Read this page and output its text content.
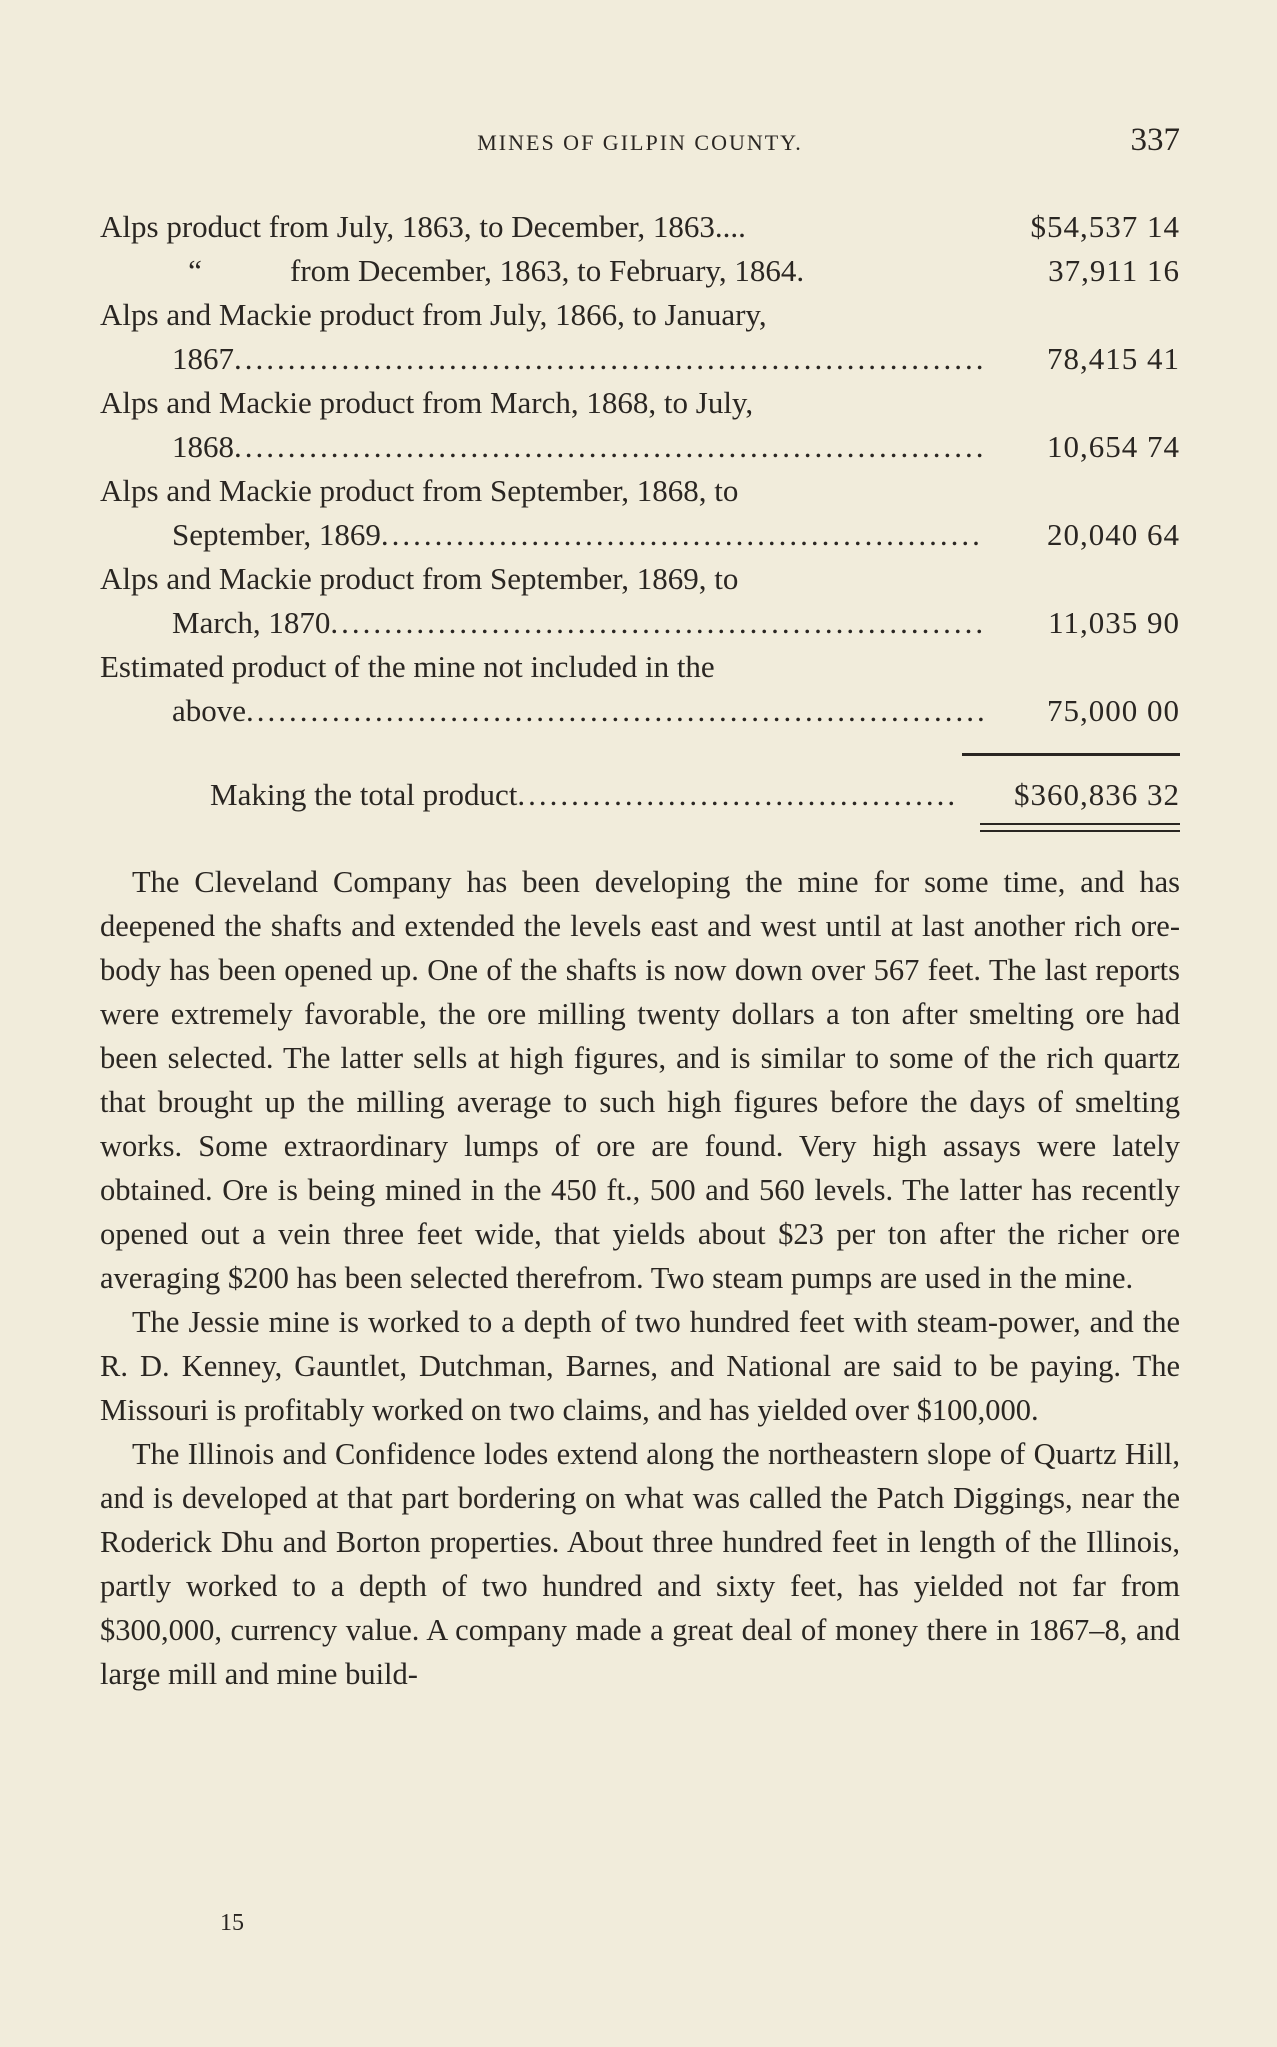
MINES OF GILPIN COUNTY.	337
Alps product from July, 1863, to December, 1863....	$54,537 14
“	from December, 1863, to February, 1864.	37,911 16
Alps and Mackie product from July, 1866, to January,
1867...................................................................... 78,415 41
Alps and Mackie product from March, 1868, to July,
1868...................................................................... 10,654 74
Alps and Mackie product from September, 1868, to
September, 1869........................................................ 20,040 64
Alps and Mackie product from September, 1869, to
March, 1870............................................................. 11,035 90
Estimated product of the mine not included in the
above..................................................................... 75,000 00
Making the total product......................................... $360,836 32

The Cleveland Company has been developing the mine for some time, and has deepened the shafts and extended the levels east and west until at last another rich ore-body has been opened up. One of the shafts is now down over 567 feet. The last reports were extremely favorable, the ore milling twenty dollars a ton after smelting ore had been selected. The latter sells at high figures, and is similar to some of the rich quartz that brought up the milling average to such high figures before the days of smelting works. Some extraordinary lumps of ore are found. Very high assays were lately obtained. Ore is being mined in the 450 ft., 500 and 560 levels. The latter has recently opened out a vein three feet wide, that yields about $23 per ton after the richer ore averaging $200 has been selected therefrom. Two steam pumps are used in the mine.

The Jessie mine is worked to a depth of two hundred feet with steam-power, and the R. D. Kenney, Gauntlet, Dutchman, Barnes, and National are said to be paying. The Missouri is profitably worked on two claims, and has yielded over $100,000.

The Illinois and Confidence lodes extend along the northeastern slope of Quartz Hill, and is developed at that part bordering on what was called the Patch Diggings, near the Roderick Dhu and Borton properties. About three hundred feet in length of the Illinois, partly worked to a depth of two hundred and sixty feet, has yielded not far from $300,000, currency value. A company made a great deal of money there in 1867–8, and large mill and mine build-

15
